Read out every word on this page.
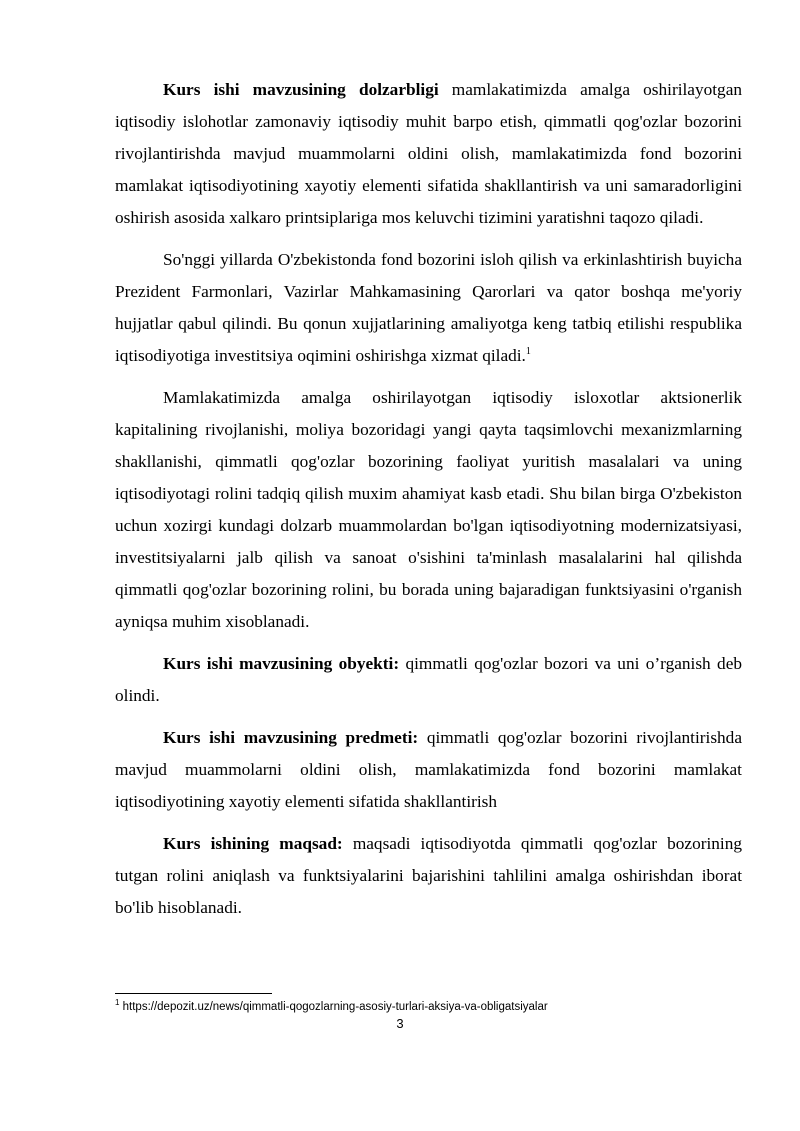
Kurs ishi mavzusining dolzarbligi mamlakatimizda amalga oshirilayotgan iqtisodiy islohotlar zamonaviy iqtisodiy muhit barpo etish, qimmatli qog'ozlar bozorini rivojlantirishda mavjud muammolarni oldini olish, mamlakatimizda fond bozorini mamlakat iqtisodiyotining xayotiy elementi sifatida shakllantirish va uni samaradorligini oshirish asosida xalkaro printsiplariga mos keluvchi tizimini yaratishni taqozo qiladi.

So'nggi yillarda O'zbekistonda fond bozorini isloh qilish va erkinlashtirish buyicha Prezident Farmonlari, Vazirlar Mahkamasining Qarorlari va qator boshqa me'yoriy hujjatlar qabul qilindi. Bu qonun xujjatlarining amaliyotga keng tatbiq etilishi respublika iqtisodiyotiga investitsiya oqimini oshirishga xizmat qiladi.$^1$

Mamlakatimizda amalga oshirilayotgan iqtisodiy isloxotlar aktsionerlik kapitalining rivojlanishi, moliya bozoridagi yangi qayta taqsimlovchi mexanizmlarning shakllanishi, qimmatli qog'ozlar bozorining faoliyat yuritish masalalari va uning iqtisodiyotagi rolini tadqiq qilish muxim ahamiyat kasb etadi. Shu bilan birga O'zbekiston uchun xozirgi kundagi dolzarb muammolardan bo'lgan iqtisodiyotning modernizatsiyasi, investitsiyalarni jalb qilish va sanoat o'sishini ta'minlash masalalarini hal qilishda qimmatli qog'ozlar bozorining rolini, bu borada uning bajaradigan funktsiyasini o'rganish ayniqsa muhim xisoblanadi.

Kurs ishi mavzusining obyekti: qimmatli qog'ozlar bozori va uni o’rganish deb olindi.

Kurs ishi mavzusining predmeti: qimmatli qog'ozlar bozorini rivojlantirishda mavjud muammolarni oldini olish, mamlakatimizda fond bozorini mamlakat iqtisodiyotining xayotiy elementi sifatida shakllantirish

Kurs ishining maqsad: maqsadi iqtisodiyotda qimmatli qog'ozlar bozorining tutgan rolini aniqlash va funktsiyalarini bajarishini tahlilini amalga oshirishdan iborat bo'lib hisoblanadi.

$^1$ https://depozit.uz/news/qimmatli-qogozlarning-asosiy-turlari-aksiya-va-obligatsiyalar
3
